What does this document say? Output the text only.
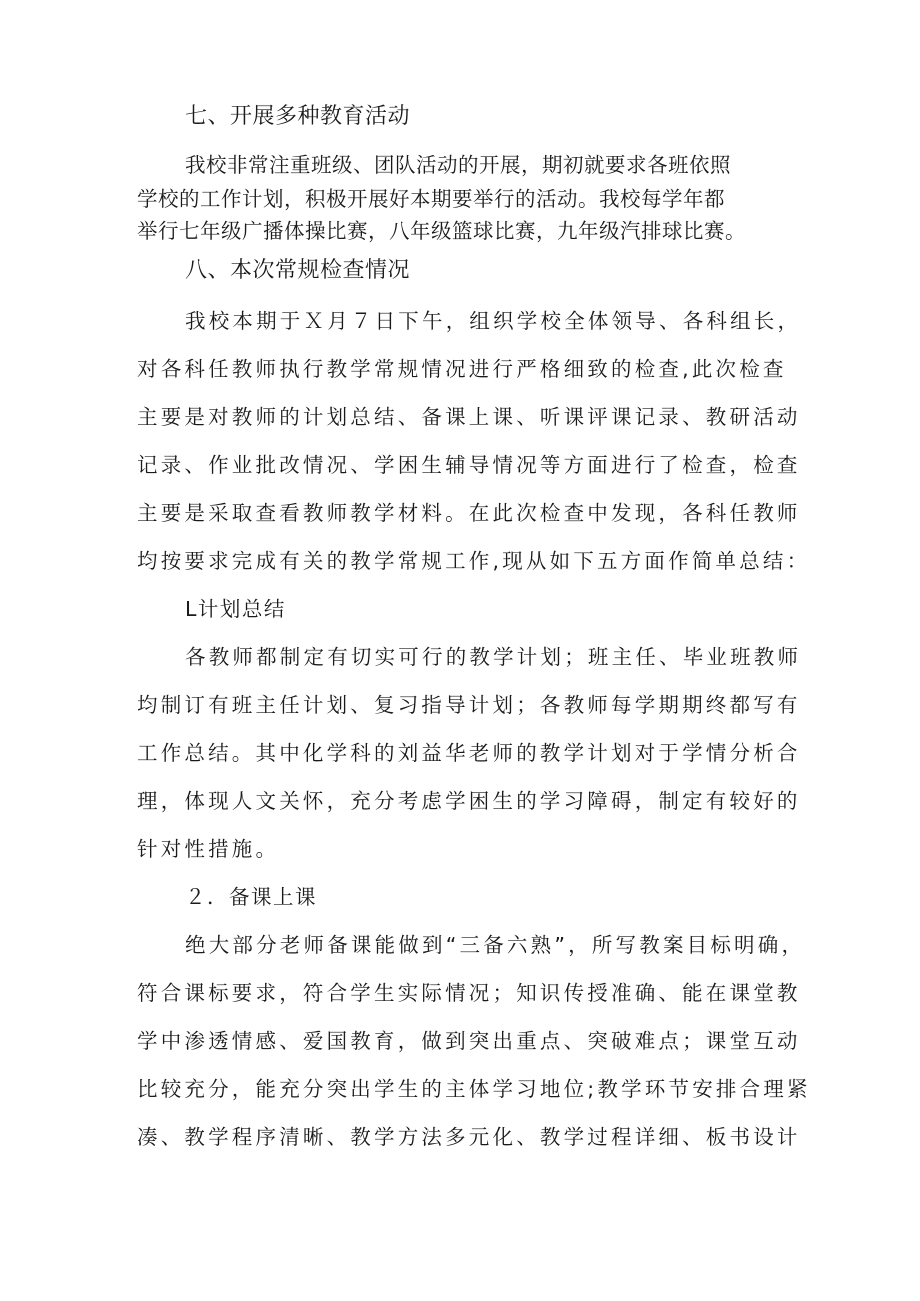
七、开展多种教育活动

我校非常注重班级、团队活动的开展，期初就要求各班依照

学校的工作计划，积极开展好本期要举行的活动。我校每学年都

举行七年级广播体操比赛，八年级篮球比赛，九年级汽排球比赛。

八、本次常规检查情况

我校本期于Ｘ月７日下午，组织学校全体领导、各科组长，

对各科任教师执行教学常规情况进行严格细致的检查,此次检查

主要是对教师的计划总结、备课上课、听课评课记录、教研活动

记录、作业批改情况、学困生辅导情况等方面进行了检查，检查

主要是采取查看教师教学材料。在此次检查中发现，各科任教师

均按要求完成有关的教学常规工作,现从如下五方面作简单总结：

L计划总结

各教师都制定有切实可行的教学计划；班主任、毕业班教师

均制订有班主任计划、复习指导计划；各教师每学期期终都写有

工作总结。其中化学科的刘益华老师的教学计划对于学情分析合

理，体现人文关怀，充分考虑学困生的学习障碍，制定有较好的

针对性措施。

２．备课上课

绝大部分老师备课能做到“三备六熟”，所写教案目标明确，

符合课标要求，符合学生实际情况；知识传授准确、能在课堂教

学中渗透情感、爱国教育，做到突出重点、突破难点；课堂互动

比较充分，能充分突出学生的主体学习地位;教学环节安排合理紧

凑、教学程序清晰、教学方法多元化、教学过程详细、板书设计
